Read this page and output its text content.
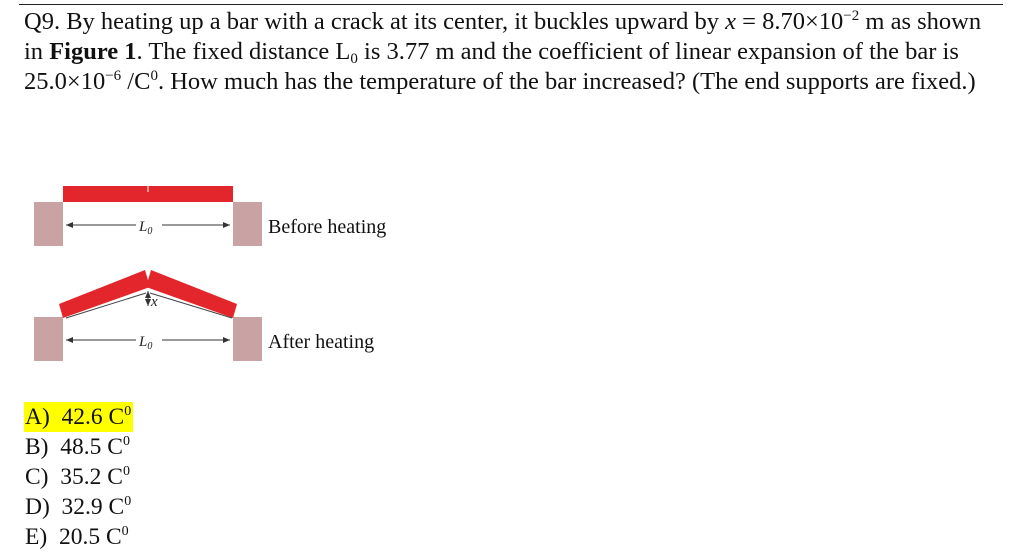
Q9. By heating up a bar with a crack at its center, it buckles upward by $x = 8.70\times 10^{-2}$ m as shown in Figure 1. The fixed distance $L_0$ is 3.77 m and the coefficient of linear expansion of the bar is $25.0\times 10^{-6}$ $/C^0$. How much has the temperature of the bar increased? (The end supports are fixed.)
$L_0$
x
$L_0$
Before heating
After heating
A) 42.6 $C^0$
B) 48.5 $C^0$
C) 35.2 $C^0$
D) 32.9 $C^0$
E) 20.5 $C^0$
